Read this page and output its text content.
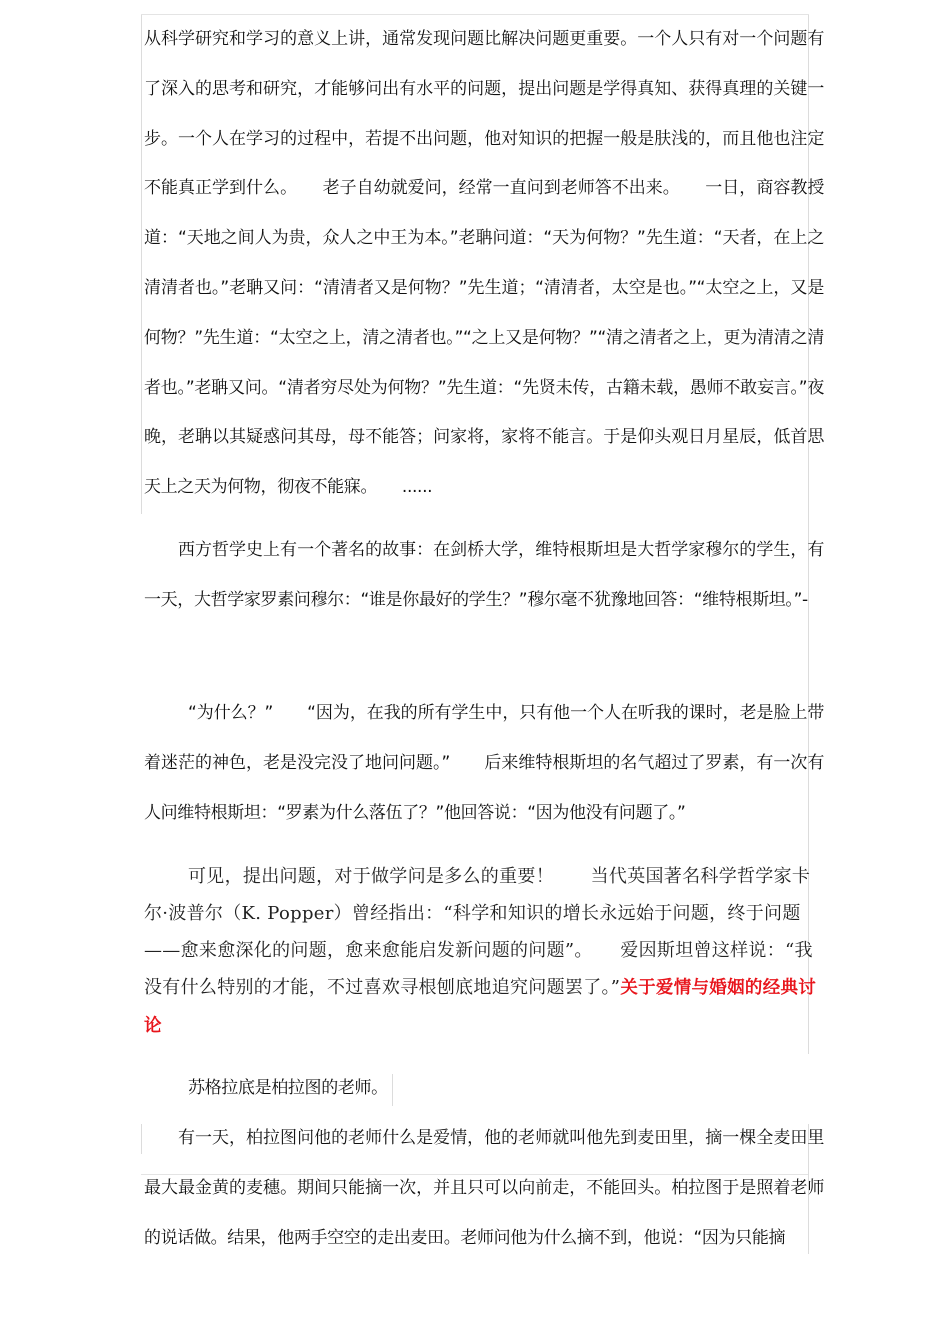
从科学研究和学习的意义上讲，通常发现问题比解决问题更重要。一个人只有对一个问题有了深入的思考和研究，才能够问出有水平的问题，提出问题是学得真知、获得真理的关键一步。一个人在学习的过程中，若提不出问题，他对知识的把握一般是肤浅的，而且他也注定不能真正学到什么。　　老子自幼就爱问，经常一直问到老师答不出来。　　一日，商容教授道：“天地之间人为贵，众人之中王为本。”老聃问道：“天为何物？”先生道：“天者，在上之清清者也。”老聃又问：“清清者又是何物？”先生道；“清清者，太空是也。”“太空之上，又是何物？”先生道：“太空之上，清之清者也。”“之上又是何物？”“清之清者之上，更为清清之清者也。”老聃又问。“清者穷尽处为何物？”先生道：“先贤未传，古籍未载，愚师不敢妄言。”夜晚，老聃以其疑惑问其母，母不能答；问家将，家将不能言。于是仰头观日月星辰，低首思天上之天为何物，彻夜不能寐。　　......

西方哲学史上有一个著名的故事：在剑桥大学，维特根斯坦是大哲学家穆尔的学生，有一天，大哲学家罗素问穆尔：“谁是你最好的学生？”穆尔毫不犹豫地回答：“维特根斯坦。”-

“为什么？”　　“因为，在我的所有学生中，只有他一个人在听我的课时，老是脸上带着迷茫的神色，老是没完没了地问问题。”　　后来维特根斯坦的名气超过了罗素，有一次有人问维特根斯坦：“罗素为什么落伍了？”他回答说：“因为他没有问题了。”

可见，提出问题，对于做学问是多么的重要！　　当代英国著名科学哲学家卡尔·波普尔（K. Popper）曾经指出：“科学和知识的增长永远始于问题，终于问题——愈来愈深化的问题，愈来愈能启发新问题的问题”。　　爱因斯坦曾这样说：“我没有什么特别的才能，不过喜欢寻根刨底地追究问题罢了。”关于爱情与婚姻的经典讨论

苏格拉底是柏拉图的老师。

有一天，柏拉图问他的老师什么是爱情，他的老师就叫他先到麦田里，摘一棵全麦田里最大最金黄的麦穗。期间只能摘一次，并且只可以向前走，不能回头。柏拉图于是照着老师的说话做。结果，他两手空空的走出麦田。老师问他为什么摘不到，他说：“因为只能摘
